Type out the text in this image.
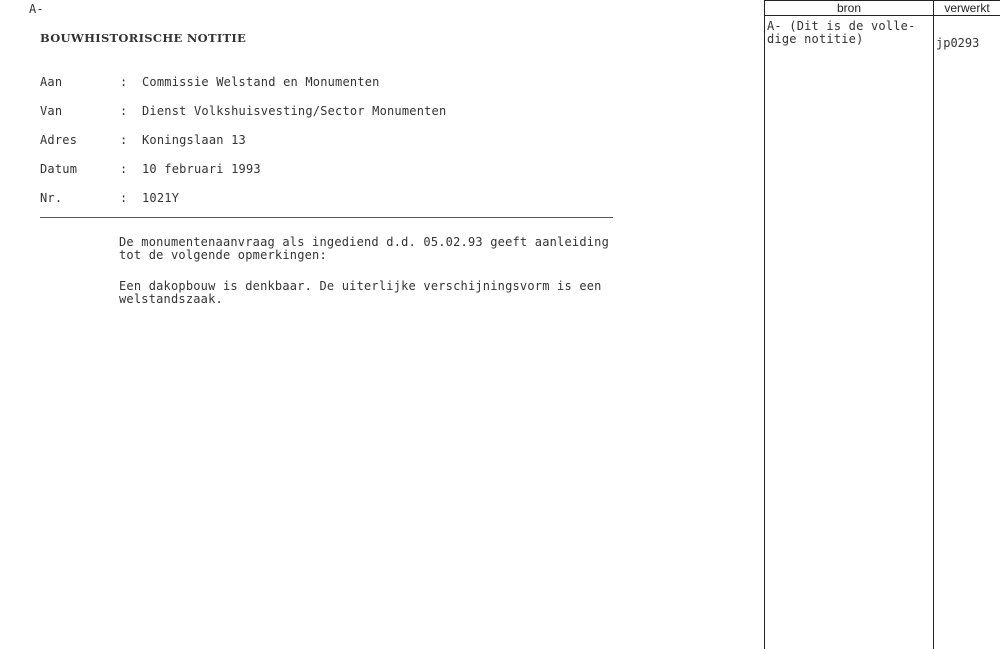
A-
BOUWHISTORISCHE NOTITIE
Aan	: Commissie Welstand en Monumenten
Van	: Dienst Volkshuisvesting/Sector Monumenten
Adres	: Koningslaan 13
Datum	: 10 februari 1993
Nr.	: 1021Y
De monumentenaanvraag als ingediend d.d. 05.02.93 geeft aanleiding
tot de volgende opmerkingen:
Een dakopbouw is denkbaar. De uiterlijke verschijningsvorm is een
welstandszaak.
bron	verwerkt
A- (Dit is de volle-
dige notitie)	jp0293
